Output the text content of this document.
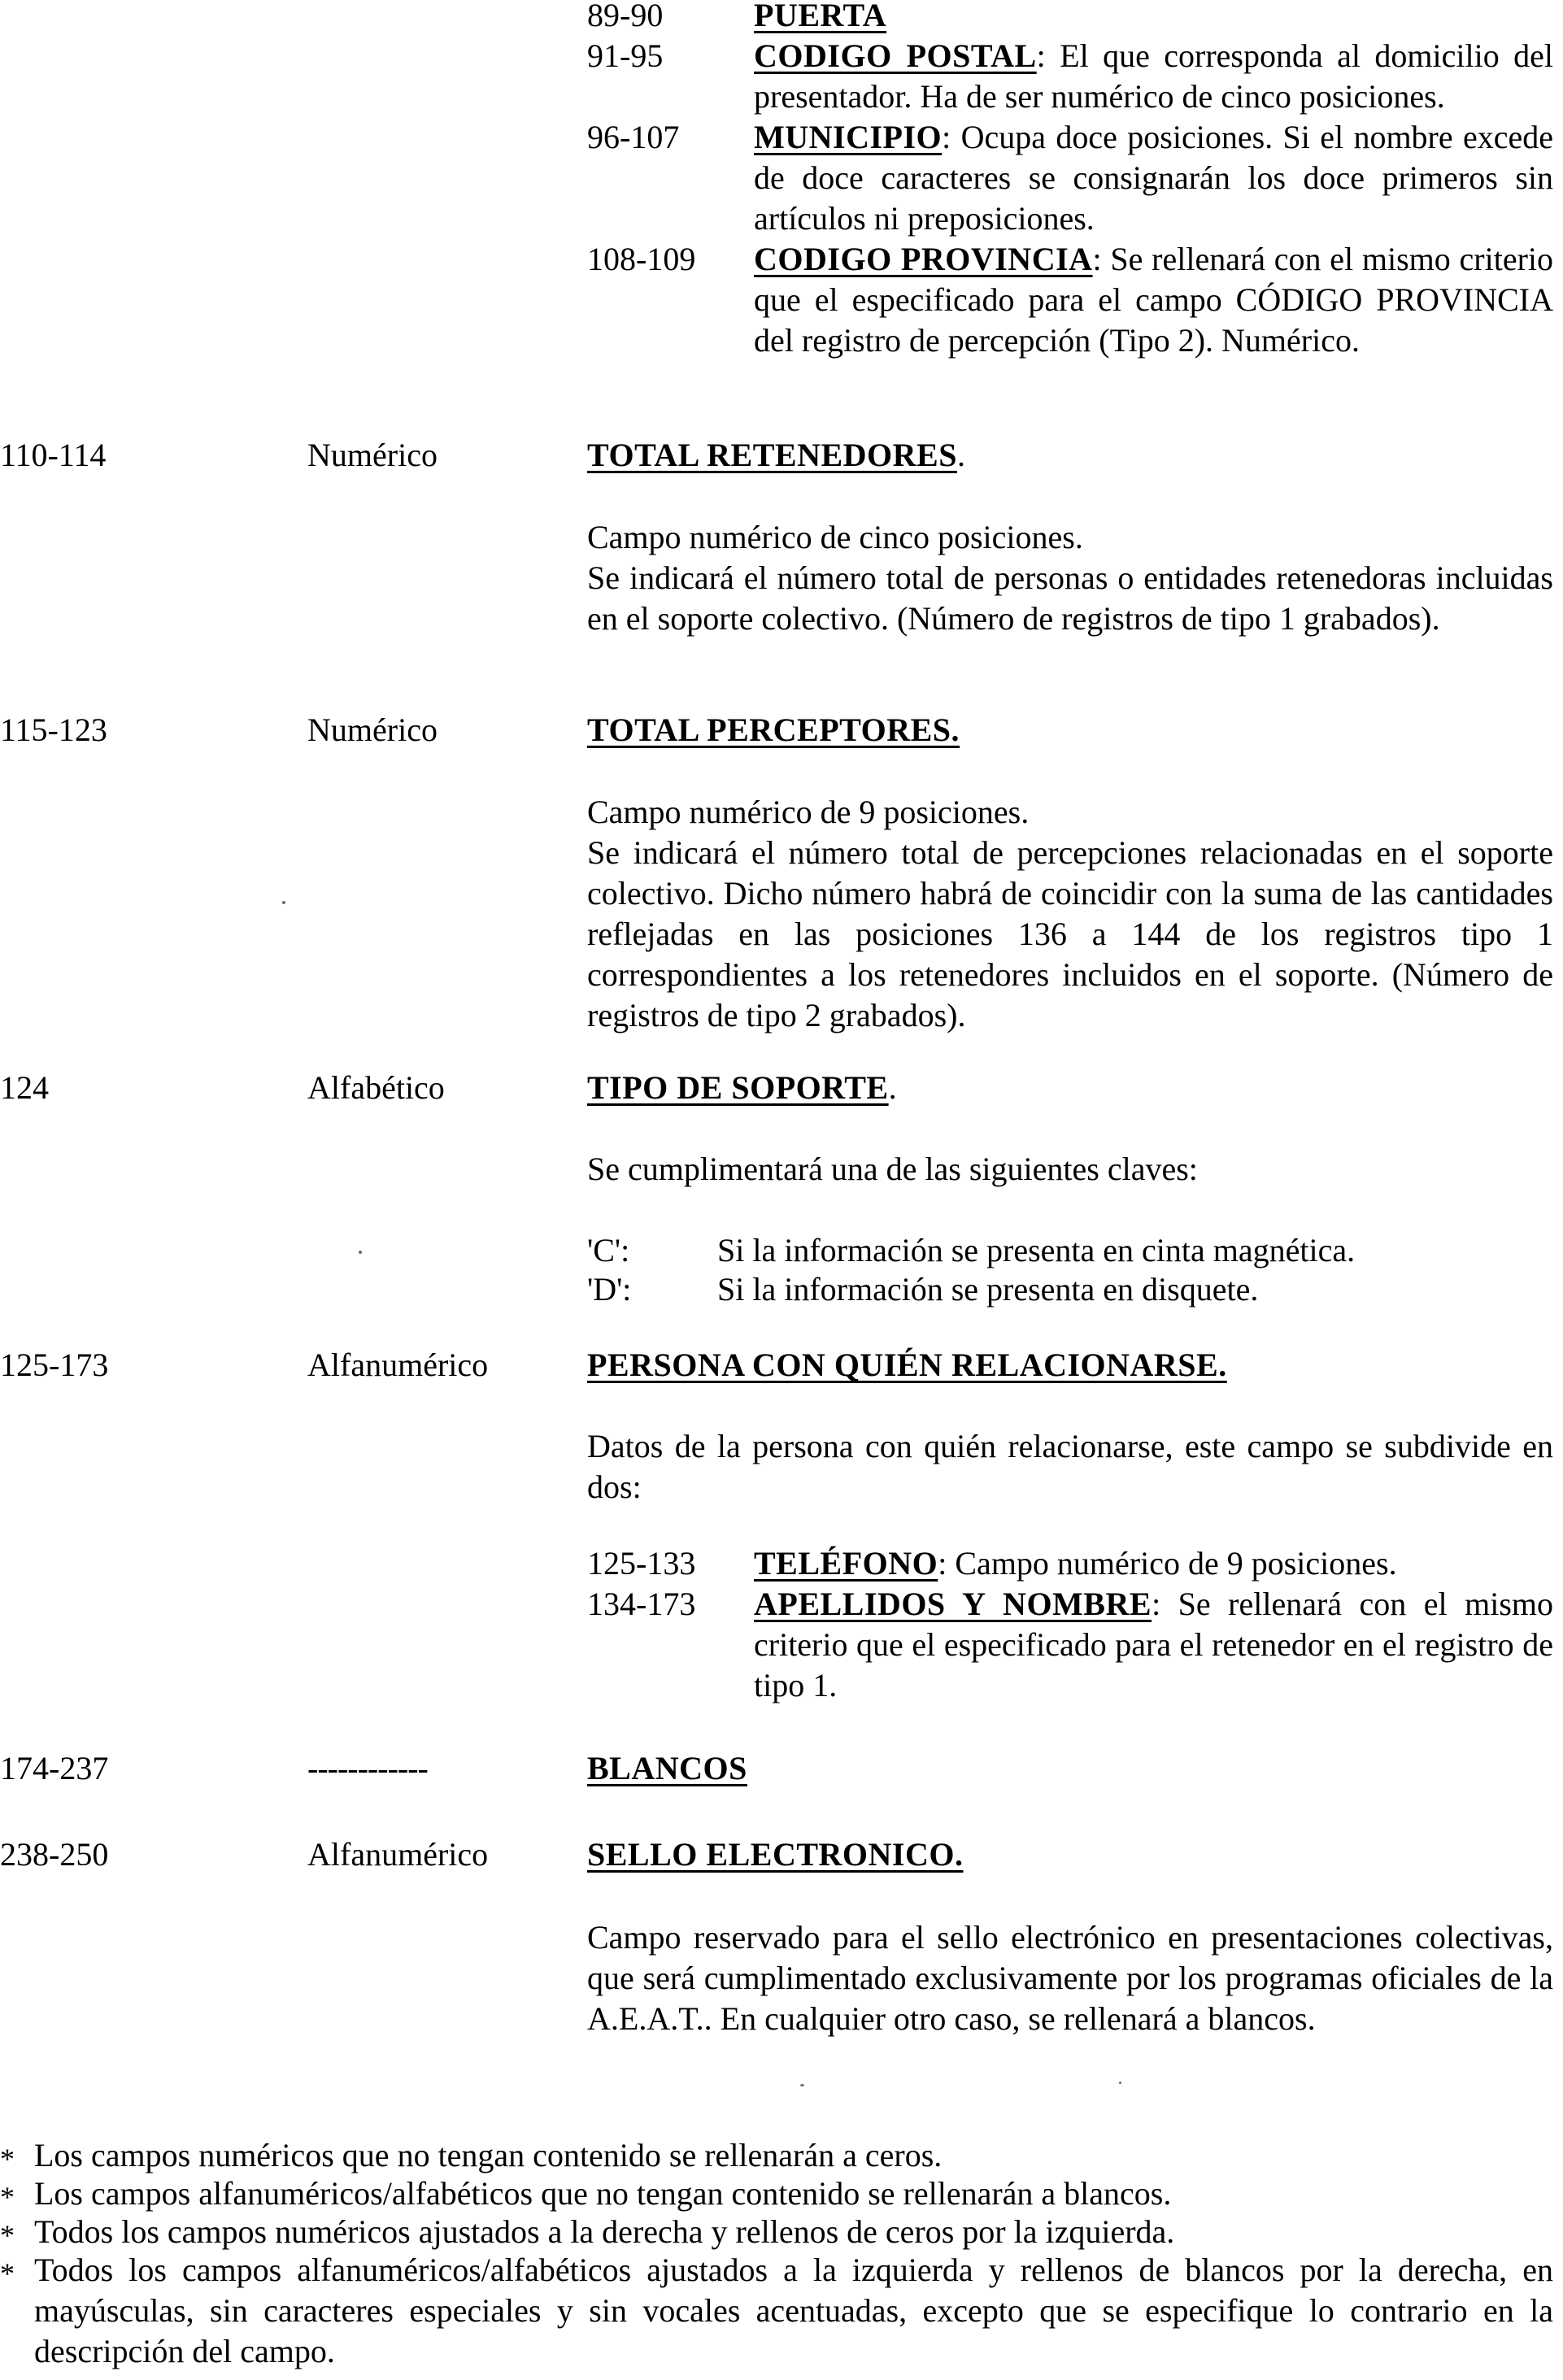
89-90	PUERTA
91-95	CODIGO POSTAL: El que corresponda al domicilio del presentador. Ha de ser numérico de cinco posiciones.
96-107 MUNICIPIO: Ocupa doce posiciones. Si el nombre excede de doce caracteres se consignarán los doce primeros sin artículos ni preposiciones.
108-109 CODIGO PROVINCIA: Se rellenará con el mismo criterio que el especificado para el campo CÓDIGO PROVINCIA del registro de percepción (Tipo 2). Numérico.
110-114	Numérico	TOTAL RETENEDORES.
Campo numérico de cinco posiciones.
Se indicará el número total de personas o entidades retenedoras incluidas en el soporte colectivo. (Número de registros de tipo 1 grabados).
115-123	Numérico	TOTAL PERCEPTORES.
Campo numérico de 9 posiciones.
Se indicará el número total de percepciones relacionadas en el soporte colectivo. Dicho número habrá de coincidir con la suma de las cantidades reflejadas en las posiciones 136 a 144 de los registros tipo 1 correspondientes a los retenedores incluidos en el soporte. (Número de registros de tipo 2 grabados).
124	Alfabético	TIPO DE SOPORTE.
Se cumplimentará una de las siguientes claves:
'C':	Si la información se presenta en cinta magnética.
'D':	Si la información se presenta en disquete.
125-173	Alfanumérico	PERSONA CON QUIÉN RELACIONARSE.
Datos de la persona con quién relacionarse, este campo se subdivide en dos:
125-133 TELÉFONO: Campo numérico de 9 posiciones.
134-173 APELLIDOS Y NOMBRE: Se rellenará con el mismo criterio que el especificado para el retenedor en el registro de tipo 1.
174-237	------------	BLANCOS
238-250	Alfanumérico	SELLO ELECTRONICO.
Campo reservado para el sello electrónico en presentaciones colectivas, que será cumplimentado exclusivamente por los programas oficiales de la A.E.A.T.. En cualquier otro caso, se rellenará a blancos.
* Los campos numéricos que no tengan contenido se rellenarán a ceros.
* Los campos alfanuméricos/alfabéticos que no tengan contenido se rellenarán a blancos.
* Todos los campos numéricos ajustados a la derecha y rellenos de ceros por la izquierda.
* Todos los campos alfanuméricos/alfabéticos ajustados a la izquierda y rellenos de blancos por la derecha, en mayúsculas, sin caracteres especiales y sin vocales acentuadas, excepto que se especifique lo contrario en la descripción del campo.
